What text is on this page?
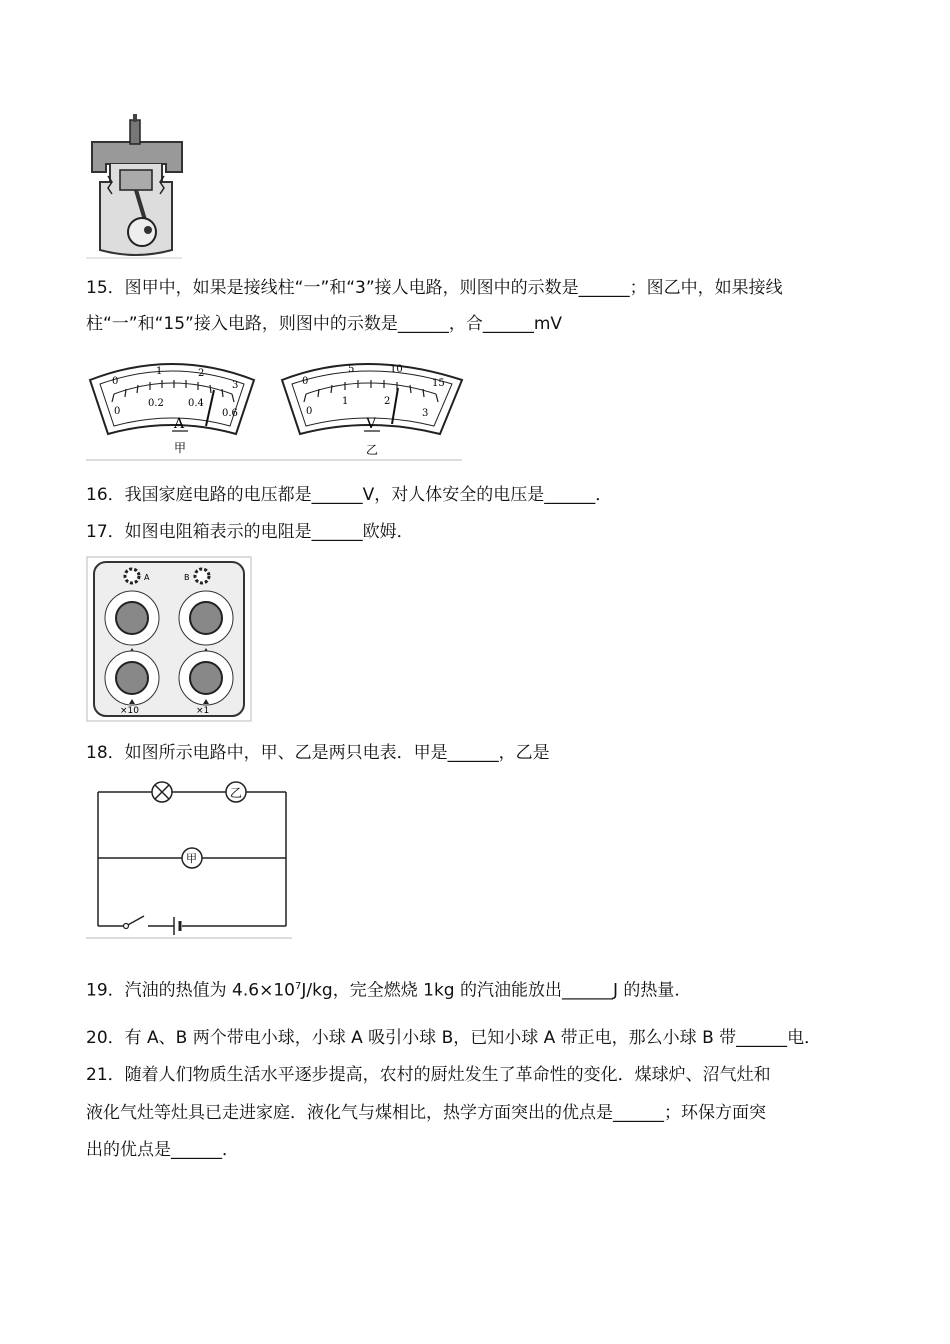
15．图甲中，如果是接线柱“一”和“3”接人电路，则图中的示数是______；图乙中，如果接线
柱“一”和“15”接入电路，则图中的示数是______，合______mV
0
1	2
3
0
0.2 0.4
0.6
A
甲
0
5	10
15
0
1	2
3
V
乙
16．我国家庭电路的电压都是______V，对人体安全的电压是______．
17．如图电阻箱表示的电阻是______欧姆．
A	B
×10	×1
18．如图所示电路中，甲、乙是两只电表．甲是______，乙是
乙
甲
19．汽油的热值为 $4.6\times 10^7J/kg$，完全燃烧 1kg 的汽油能放出______J 的热量．
20．有 A、B 两个带电小球，小球 A 吸引小球 B，已知小球 A 带正电，那么小球 B 带______电．
21．随着人们物质生活水平逐步提高，农村的厨灶发生了革命性的变化．煤球炉、沼气灶和
液化气灶等灶具已走进家庭．液化气与煤相比，热学方面突出的优点是______；环保方面突
出的优点是______．
